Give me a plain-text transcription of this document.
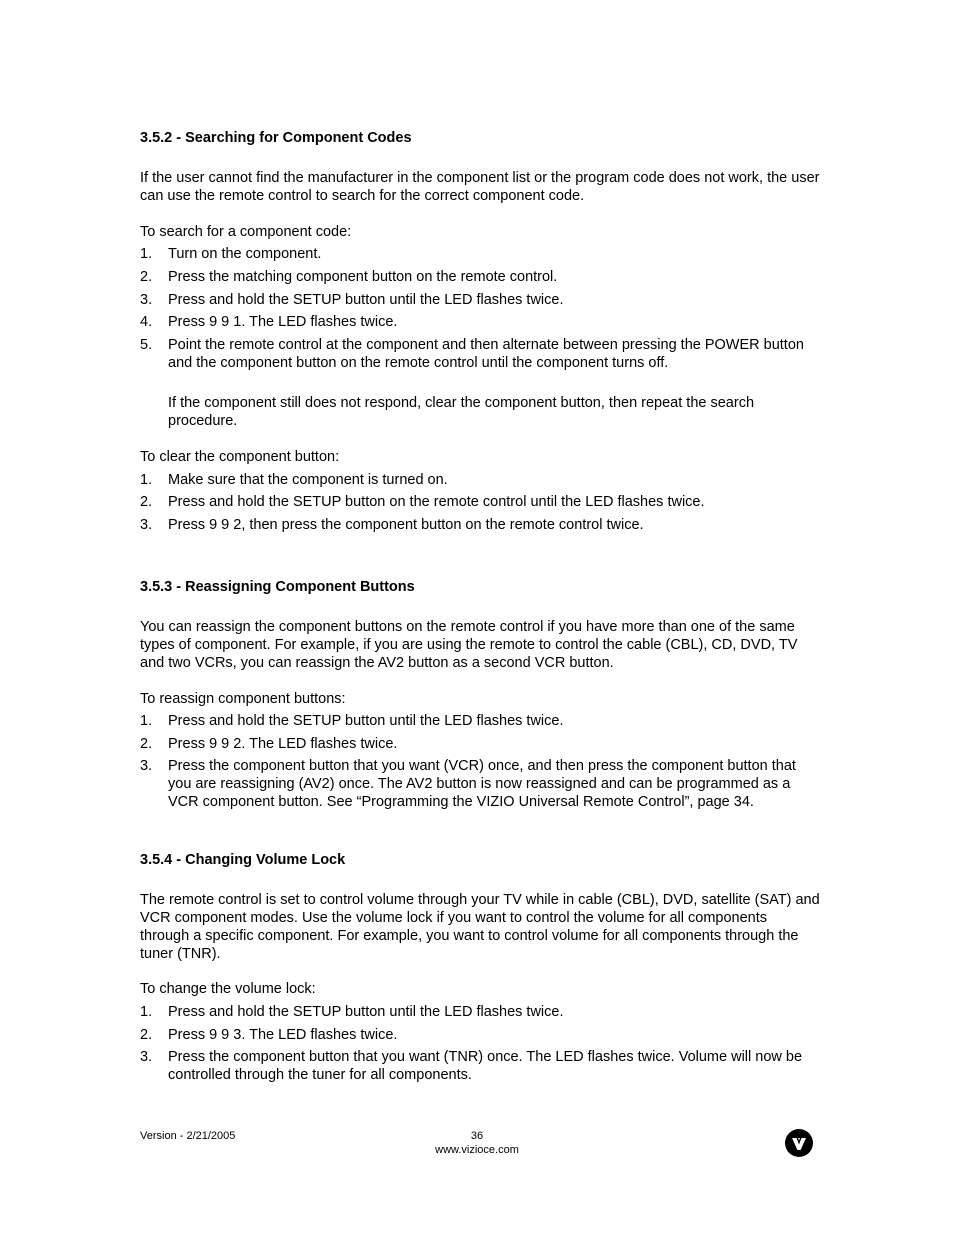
3.5.2 - Searching for Component Codes
If the user cannot find the manufacturer in the component list or the program code does not work, the user can use the remote control to search for the correct component code.
To search for a component code:
1.	Turn on the component.
2.	Press the matching component button on the remote control.
3.	Press and hold the SETUP button until the LED flashes twice.
4.	Press 9 9 1. The LED flashes twice.
5.	Point the remote control at the component and then alternate between pressing the POWER button and the component button on the remote control until the component turns off.
If the component still does not respond, clear the component button, then repeat the search procedure.
To clear the component button:
1.	Make sure that the component is turned on.
2.	Press and hold the SETUP button on the remote control until the LED flashes twice.
3.	Press 9 9 2, then press the component button on the remote control twice.
3.5.3 - Reassigning Component Buttons
You can reassign the component buttons on the remote control if you have more than one of the same types of component. For example, if you are using the remote to control the cable (CBL), CD, DVD, TV and two VCRs, you can reassign the AV2 button as a second VCR button.
To reassign component buttons:
1.	Press and hold the SETUP button until the LED flashes twice.
2.	Press 9 9 2. The LED flashes twice.
3.	Press the component button that you want (VCR) once, and then press the component button that you are reassigning (AV2) once. The AV2 button is now reassigned and can be programmed as a VCR component button. See “Programming the VIZIO Universal Remote Control”, page 34.
3.5.4 - Changing Volume Lock
The remote control is set to control volume through your TV while in cable (CBL), DVD, satellite (SAT) and VCR component modes. Use the volume lock if you want to control the volume for all components through a specific component. For example, you want to control volume for all components through the tuner (TNR).
To change the volume lock:
1.	Press and hold the SETUP button until the LED flashes twice.
2.	Press 9 9 3. The LED flashes twice.
3.	Press the component button that you want (TNR) once. The LED flashes twice. Volume will now be controlled through the tuner for all components.
Version - 2/21/2005	36
www.vizioce.com
